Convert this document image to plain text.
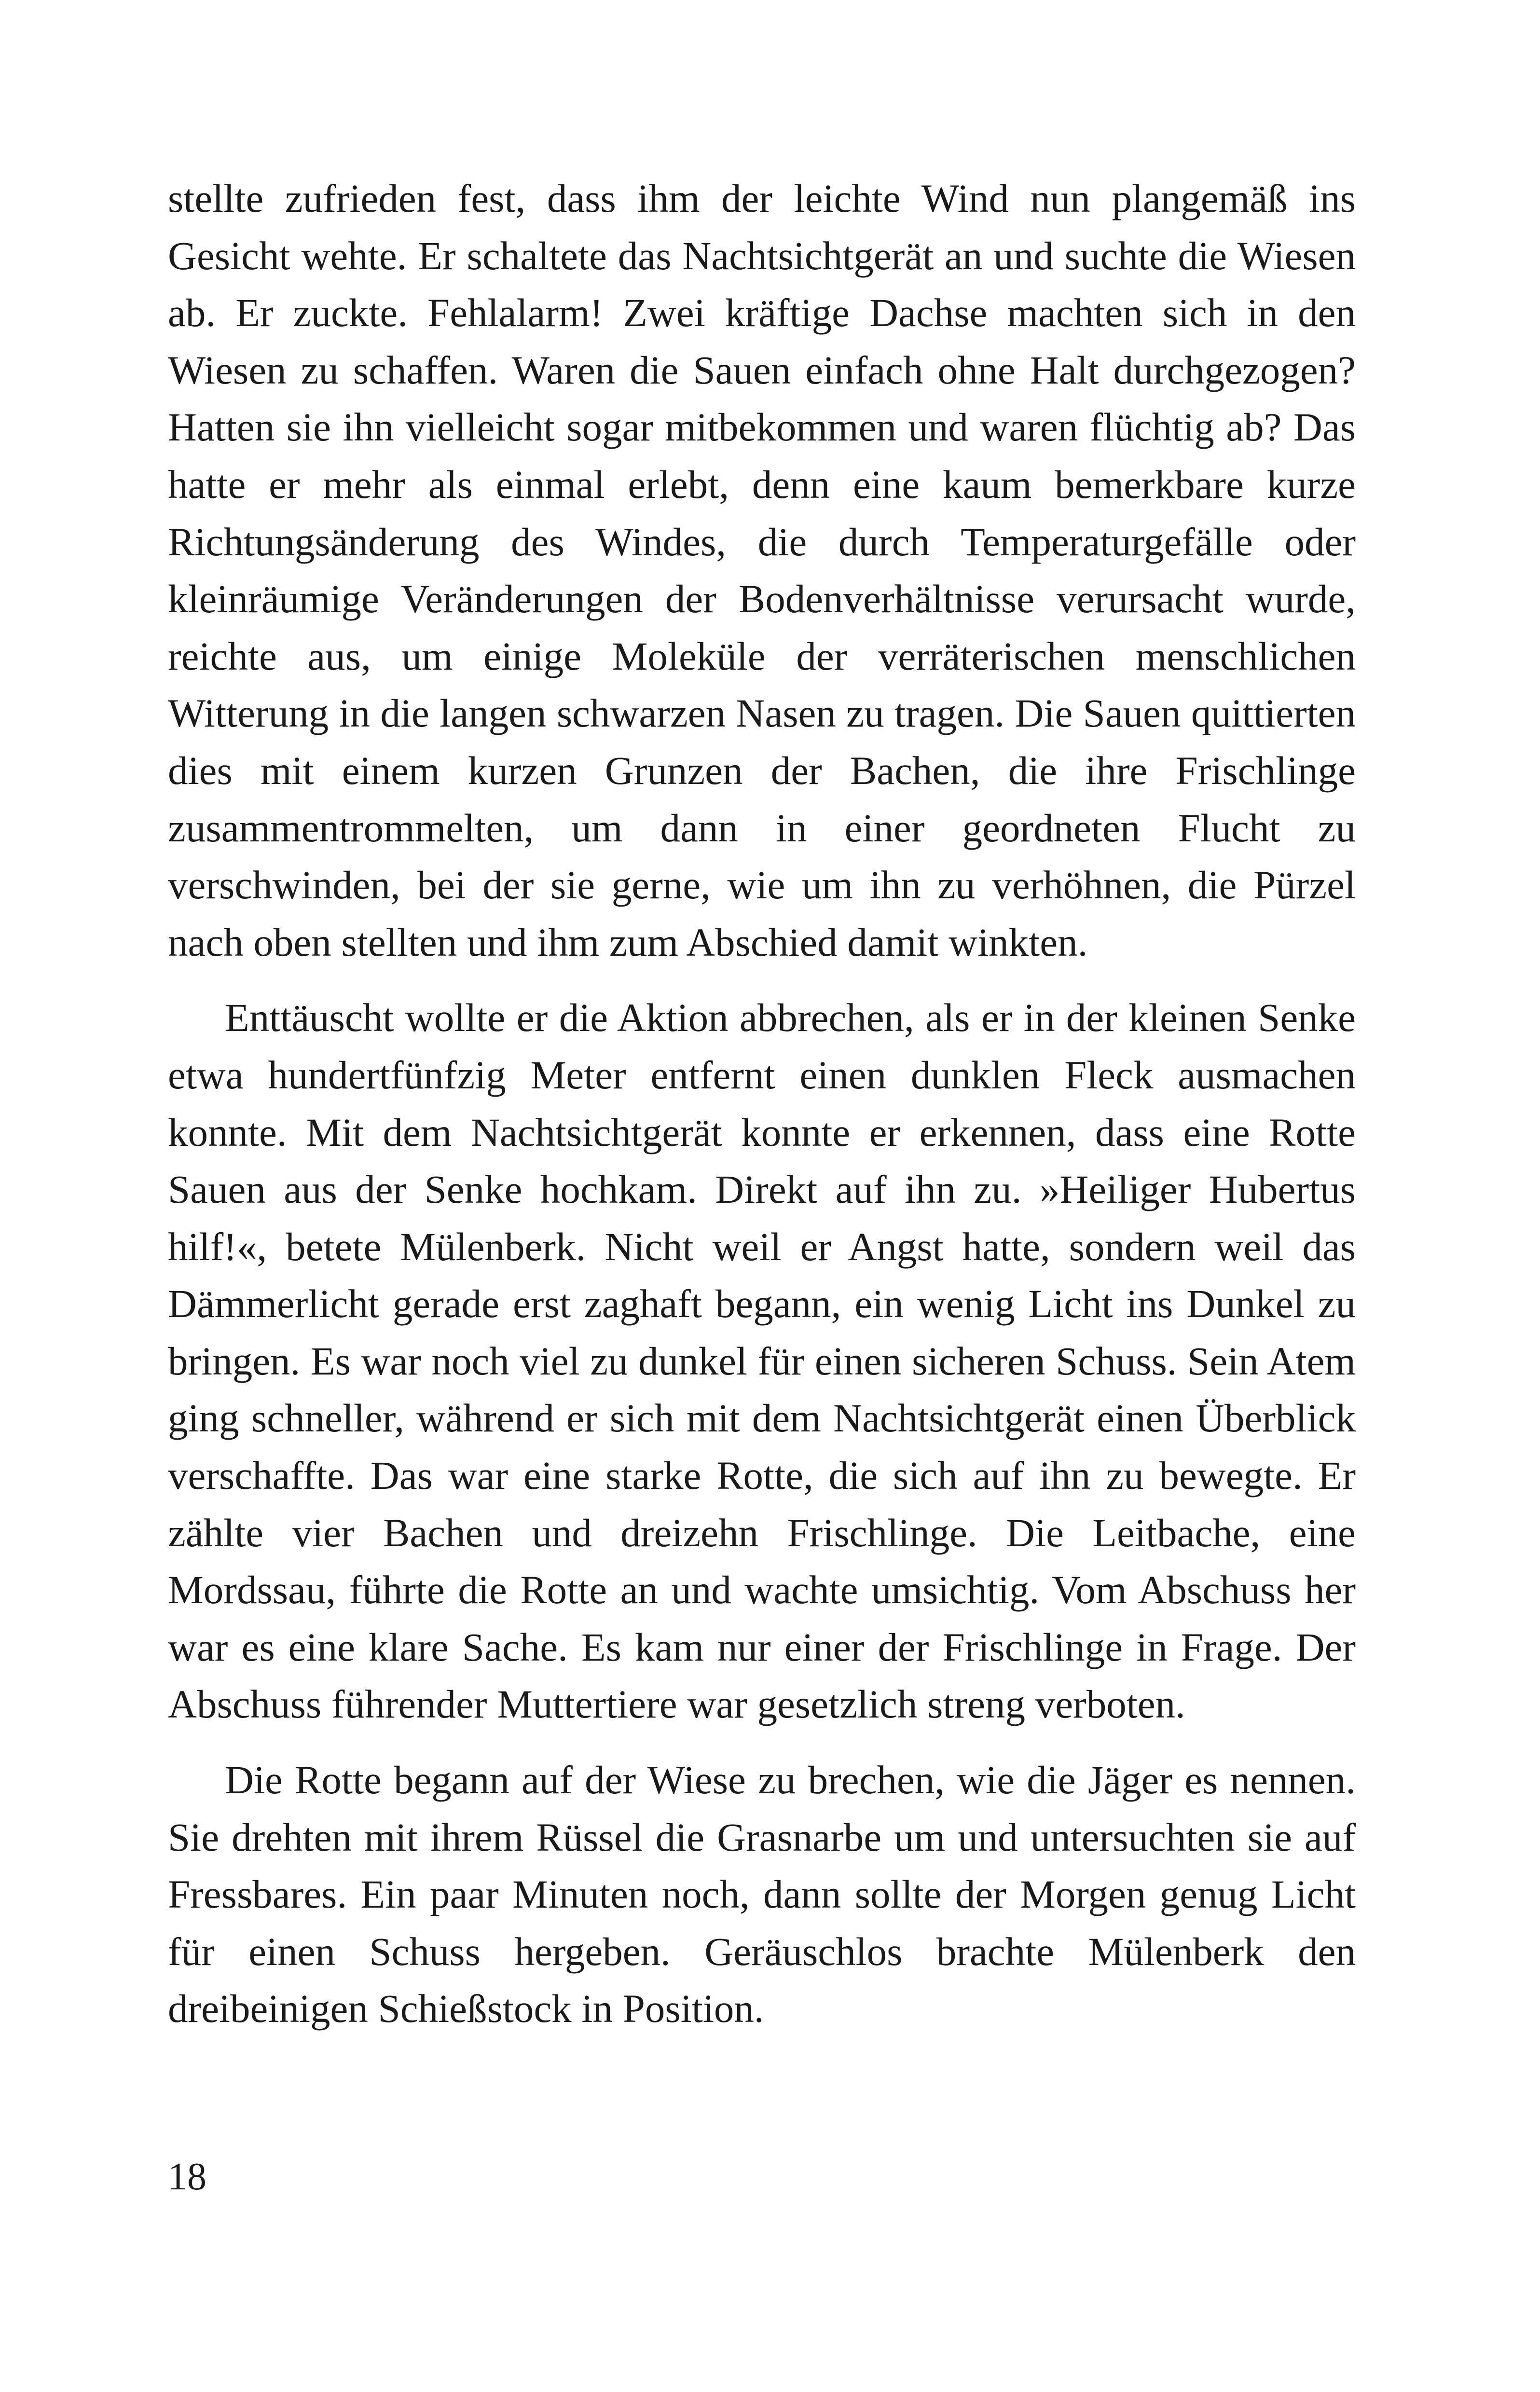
stellte zufrieden fest, dass ihm der leichte Wind nun plangemäß ins Gesicht wehte. Er schaltete das Nachtsichtgerät an und suchte die Wiesen ab. Er zuckte. Fehlalarm! Zwei kräftige Dachse machten sich in den Wiesen zu schaffen. Waren die Sauen einfach ohne Halt durchgezogen? Hatten sie ihn vielleicht sogar mitbekommen und waren flüchtig ab? Das hatte er mehr als einmal erlebt, denn eine kaum bemerkbare kurze Richtungsänderung des Windes, die durch Temperaturgefälle oder kleinräumige Veränderungen der Bodenverhältnisse verursacht wurde, reichte aus, um einige Moleküle der verräterischen menschlichen Witterung in die langen schwarzen Nasen zu tragen. Die Sauen quittierten dies mit einem kurzen Grunzen der Bachen, die ihre Frischlinge zusammentrommelten, um dann in einer geordneten Flucht zu verschwinden, bei der sie gerne, wie um ihn zu verhöhnen, die Pürzel nach oben stellten und ihm zum Abschied damit winkten.

Enttäuscht wollte er die Aktion abbrechen, als er in der kleinen Senke etwa hundertfünfzig Meter entfernt einen dunklen Fleck ausmachen konnte. Mit dem Nachtsichtgerät konnte er erkennen, dass eine Rotte Sauen aus der Senke hochkam. Direkt auf ihn zu. »Heiliger Hubertus hilf!«, betete Mülenberk. Nicht weil er Angst hatte, sondern weil das Dämmerlicht gerade erst zaghaft begann, ein wenig Licht ins Dunkel zu bringen. Es war noch viel zu dunkel für einen sicheren Schuss. Sein Atem ging schneller, während er sich mit dem Nachtsichtgerät einen Überblick verschaffte. Das war eine starke Rotte, die sich auf ihn zu bewegte. Er zählte vier Bachen und dreizehn Frischlinge. Die Leitbache, eine Mordssau, führte die Rotte an und wachte umsichtig. Vom Abschuss her war es eine klare Sache. Es kam nur einer der Frischlinge in Frage. Der Abschuss führender Muttertiere war gesetzlich streng verboten.

Die Rotte begann auf der Wiese zu brechen, wie die Jäger es nennen. Sie drehten mit ihrem Rüssel die Grasnarbe um und untersuchten sie auf Fressbares. Ein paar Minuten noch, dann sollte der Morgen genug Licht für einen Schuss hergeben. Geräuschlos brachte Mülenberk den dreibeinigen Schießstock in Position.

18
